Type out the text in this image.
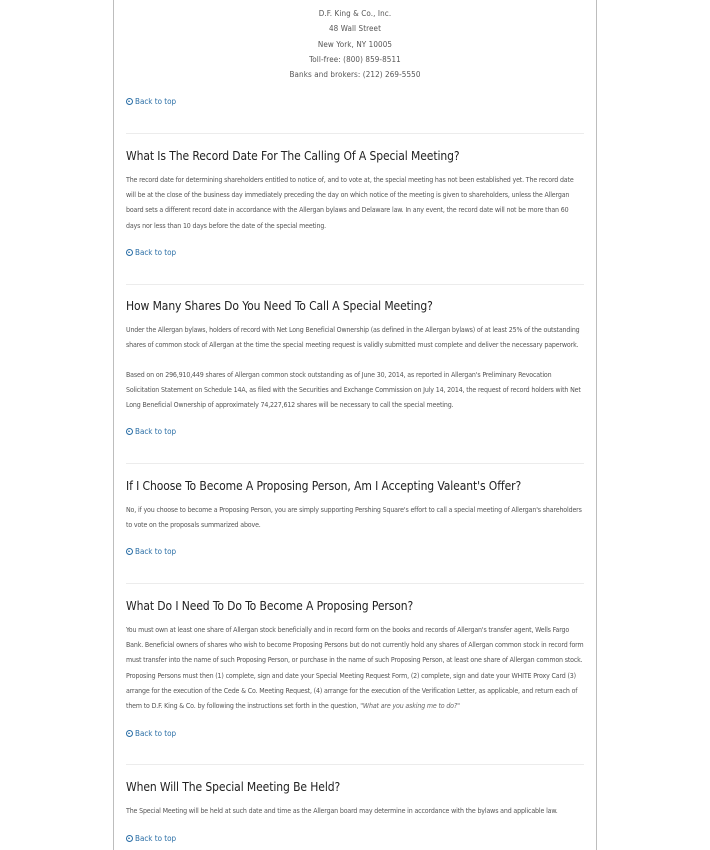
D.F. King & Co., Inc.
48 Wall Street
New York, NY 10005
Toll-free: (800) 859-8511
Banks and brokers: (212) 269-5550
Back to top
What Is The Record Date For The Calling Of A Special Meeting?

The record date for determining shareholders entitled to notice of, and to vote at, the special meeting has not been established yet. The record date will be at the close of the business day immediately preceding the day on which notice of the meeting is given to shareholders, unless the Allergan board sets a different record date in accordance with the Allergan bylaws and Delaware law. In any event, the record date will not be more than 60 days nor less than 10 days before the date of the special meeting.

Back to top
How Many Shares Do You Need To Call A Special Meeting?

Under the Allergan bylaws, holders of record with Net Long Beneficial Ownership (as defined in the Allergan bylaws) of at least 25% of the outstanding shares of common stock of Allergan at the time the special meeting request is validly submitted must complete and deliver the necessary paperwork.

Based on on 296,910,449 shares of Allergan common stock outstanding as of June 30, 2014, as reported in Allergan's Preliminary Revocation Solicitation Statement on Schedule 14A, as filed with the Securities and Exchange Commission on July 14, 2014, the request of record holders with Net Long Beneficial Ownership of approximately 74,227,612 shares will be necessary to call the special meeting.

Back to top
If I Choose To Become A Proposing Person, Am I Accepting Valeant's Offer?

No, if you choose to become a Proposing Person, you are simply supporting Pershing Square's effort to call a special meeting of Allergan's shareholders to vote on the proposals summarized above.

Back to top
What Do I Need To Do To Become A Proposing Person?

You must own at least one share of Allergan stock beneficially and in record form on the books and records of Allergan's transfer agent, Wells Fargo Bank. Beneficial owners of shares who wish to become Proposing Persons but do not currently hold any shares of Allergan common stock in record form must transfer into the name of such Proposing Person, or purchase in the name of such Proposing Person, at least one share of Allergan common stock. Proposing Persons must then (1) complete, sign and date your Special Meeting Request Form, (2) complete, sign and date your WHITE Proxy Card (3) arrange for the execution of the Cede & Co. Meeting Request, (4) arrange for the execution of the Verification Letter, as applicable, and return each of them to D.F. King & Co. by following the instructions set forth in the question, "What are you asking me to do?"

Back to top
When Will The Special Meeting Be Held?

The Special Meeting will be held at such date and time as the Allergan board may determine in accordance with the bylaws and applicable law.

Back to top
